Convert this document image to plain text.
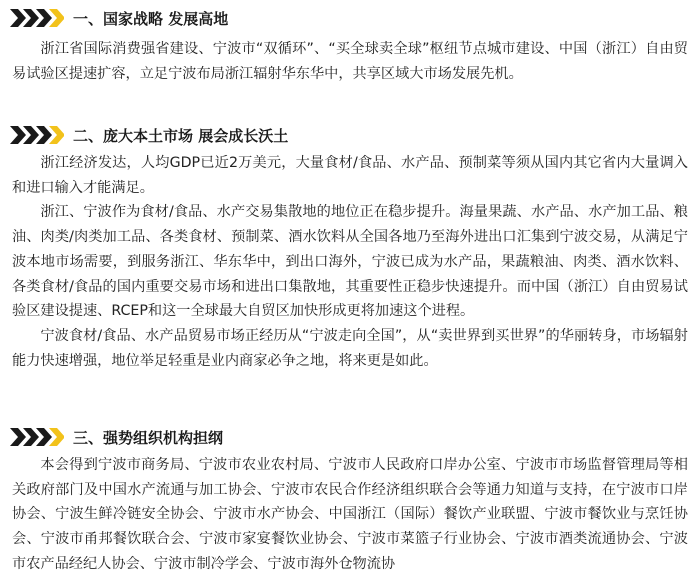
一、国家战略 发展高地

浙江省国际消费强省建设、宁波市“双循环”、“买全球卖全球”枢纽节点城市建设、中国（浙江）自由贸易试验区提速扩容，立足宁波布局浙江辐射华东华中，共享区域大市场发展先机。

二、庞大本土市场 展会成长沃土

浙江经济发达，人均GDP已近2万美元，大量食材/食品、水产品、预制菜等须从国内其它省内大量调入和进口输入才能满足。

浙江、宁波作为食材/食品、水产交易集散地的地位正在稳步提升。海量果蔬、水产品、水产加工品、粮油、肉类/肉类加工品、各类食材、预制菜、酒水饮料从全国各地乃至海外进出口汇集到宁波交易，从满足宁波本地市场需要，到服务浙江、华东华中，到出口海外，宁波已成为水产品，果蔬粮油、肉类、酒水饮料、各类食材/食品的国内重要交易市场和进出口集散地，其重要性正稳步快速提升。而中国（浙江）自由贸易试验区建设提速、RCEP和这一全球最大自贸区加快形成更将加速这个进程。

宁波食材/食品、水产品贸易市场正经历从“宁波走向全国”，从“卖世界到买世界”的华丽转身，市场辐射能力快速增强，地位举足轻重是业内商家必争之地，将来更是如此。

三、强势组织机构担纲

本会得到宁波市商务局、宁波市农业农村局、宁波市人民政府口岸办公室、宁波市市场监督管理局等相关政府部门及中国水产流通与加工协会、宁波市农民合作经济组织联合会等通力知道与支持，在宁波市口岸协会、宁波生鲜冷链安全协会、宁波市水产协会、中国浙江（国际）餐饮产业联盟、宁波市餐饮业与烹饪协会、宁波市甬邦餐饮联合会、宁波市家宴餐饮业协会、宁波市菜篮子行业协会、宁波市酒类流通协会、宁波市农产品经纪人协会、宁波市制冷学会、宁波市海外仓物流协
